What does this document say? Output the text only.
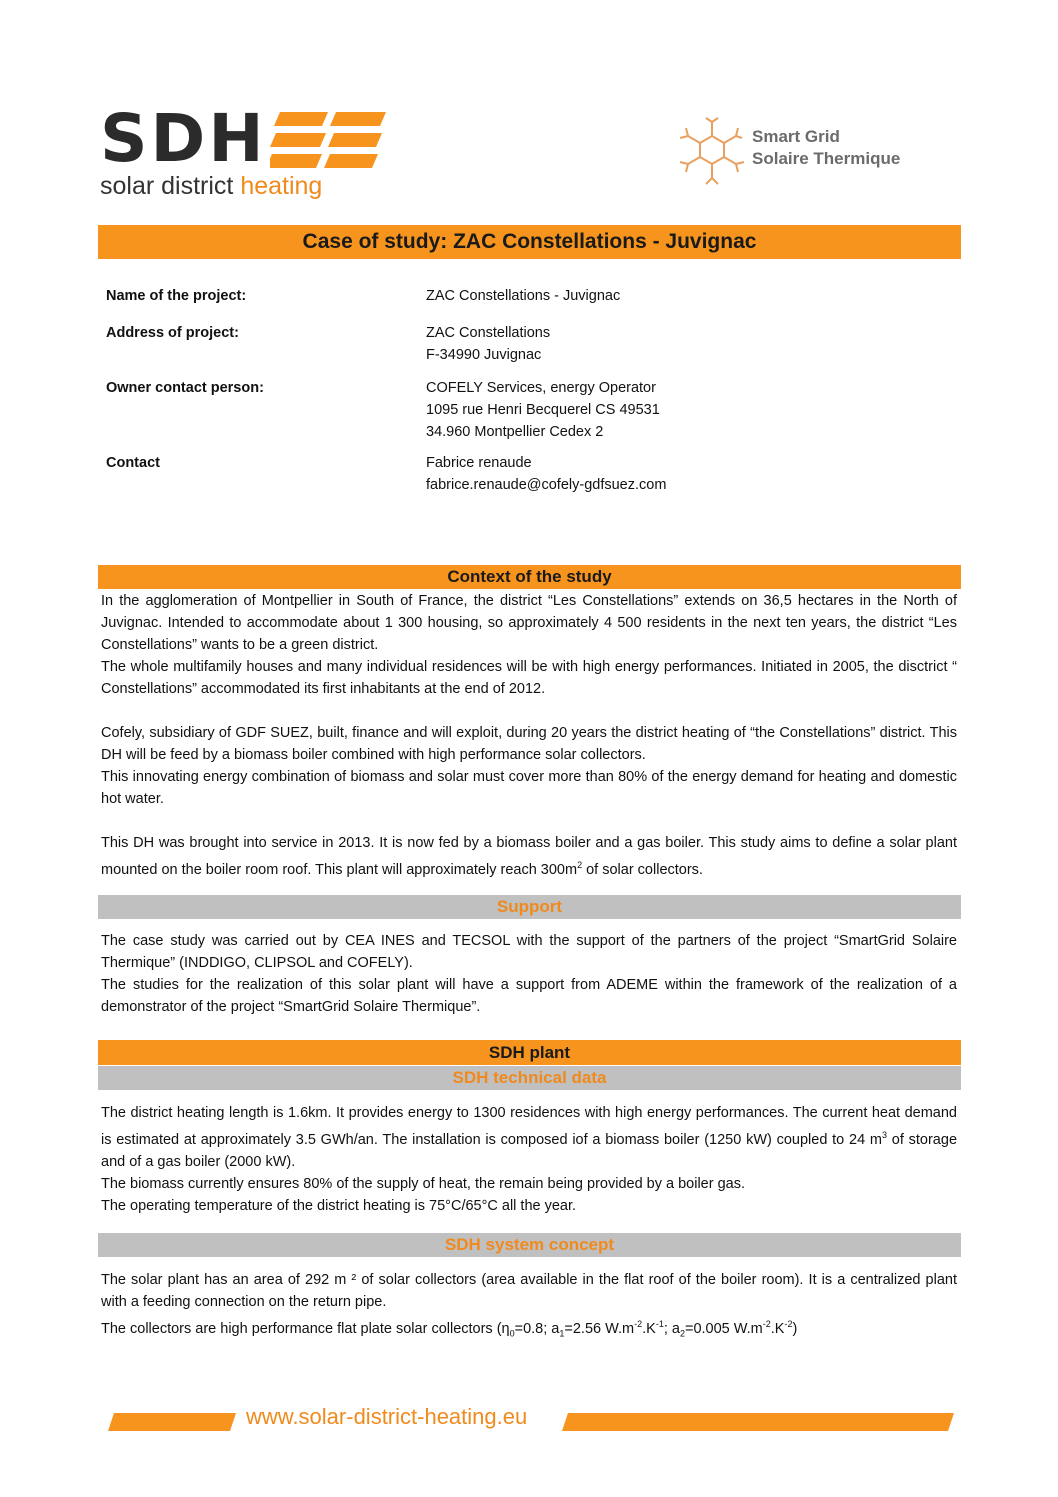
SDH
solar district heating
Smart Grid
Solaire Thermique
Case of study: ZAC Constellations - Juvignac
Name of the project:	ZAC Constellations - Juvignac
Address of project:	ZAC Constellations
F-34990 Juvignac
Owner contact person:	COFELY Services, energy Operator
1095 rue Henri Becquerel CS 49531
34.960 Montpellier Cedex 2
Contact	Fabrice renaude
fabrice.renaude@cofely-gdfsuez.com
Context of the study

In the agglomeration of Montpellier in South of France, the district “Les Constellations” extends on 36,5 hectares in the North of Juvignac. Intended to accommodate about 1 300 housing, so approximately 4 500 residents in the next ten years, the district “Les Constellations” wants to be a green district.

The whole multifamily houses and many individual residences will be with high energy performances. Initiated in 2005, the disctrict “ Constellations” accommodated its first inhabitants at the end of 2012.

Cofely, subsidiary of GDF SUEZ, built, finance and will exploit, during 20 years the district heating of “the Constellations” district. This DH will be feed by a biomass boiler combined with high performance solar collectors.

This innovating energy combination of biomass and solar must cover more than 80% of the energy demand for heating and domestic hot water.

This DH was brought into service in 2013. It is now fed by a biomass boiler and a gas boiler. This study aims to define a solar plant mounted on the boiler room roof. This plant will approximately reach $300m^2$ of solar collectors.

Support

The case study was carried out by CEA INES and TECSOL with the support of the partners of the project “SmartGrid Solaire Thermique” (INDDIGO, CLIPSOL and COFELY).

The studies for the realization of this solar plant will have a support from ADEME within the framework of the realization of a demonstrator of the project “SmartGrid Solaire Thermique”.

SDH plant
SDH technical data

The district heating length is 1.6km. It provides energy to 1300 residences with high energy performances. The current heat demand is estimated at approximately 3.5 GWh/an. The installation is composed iof a biomass boiler (1250 kW) coupled to 24 $m^3$ of storage and of a gas boiler (2000 kW).

The biomass currently ensures 80% of the supply of heat, the remain being provided by a boiler gas.

The operating temperature of the district heating is 75°C/65°C all the year.

SDH system concept

The solar plant has an area of 292 m ² of solar collectors (area available in the flat roof of the boiler room). It is a centralized plant with a feeding connection on the return pipe.

The collectors are high performance flat plate solar collectors ($\eta_0=0.8$; $a_1=2.56$ $W.m^{-2}.K^{-1}$; $a_2=0.005$ $W.m^{-2}.K^{-2}$)

www.solar-district-heating.eu
